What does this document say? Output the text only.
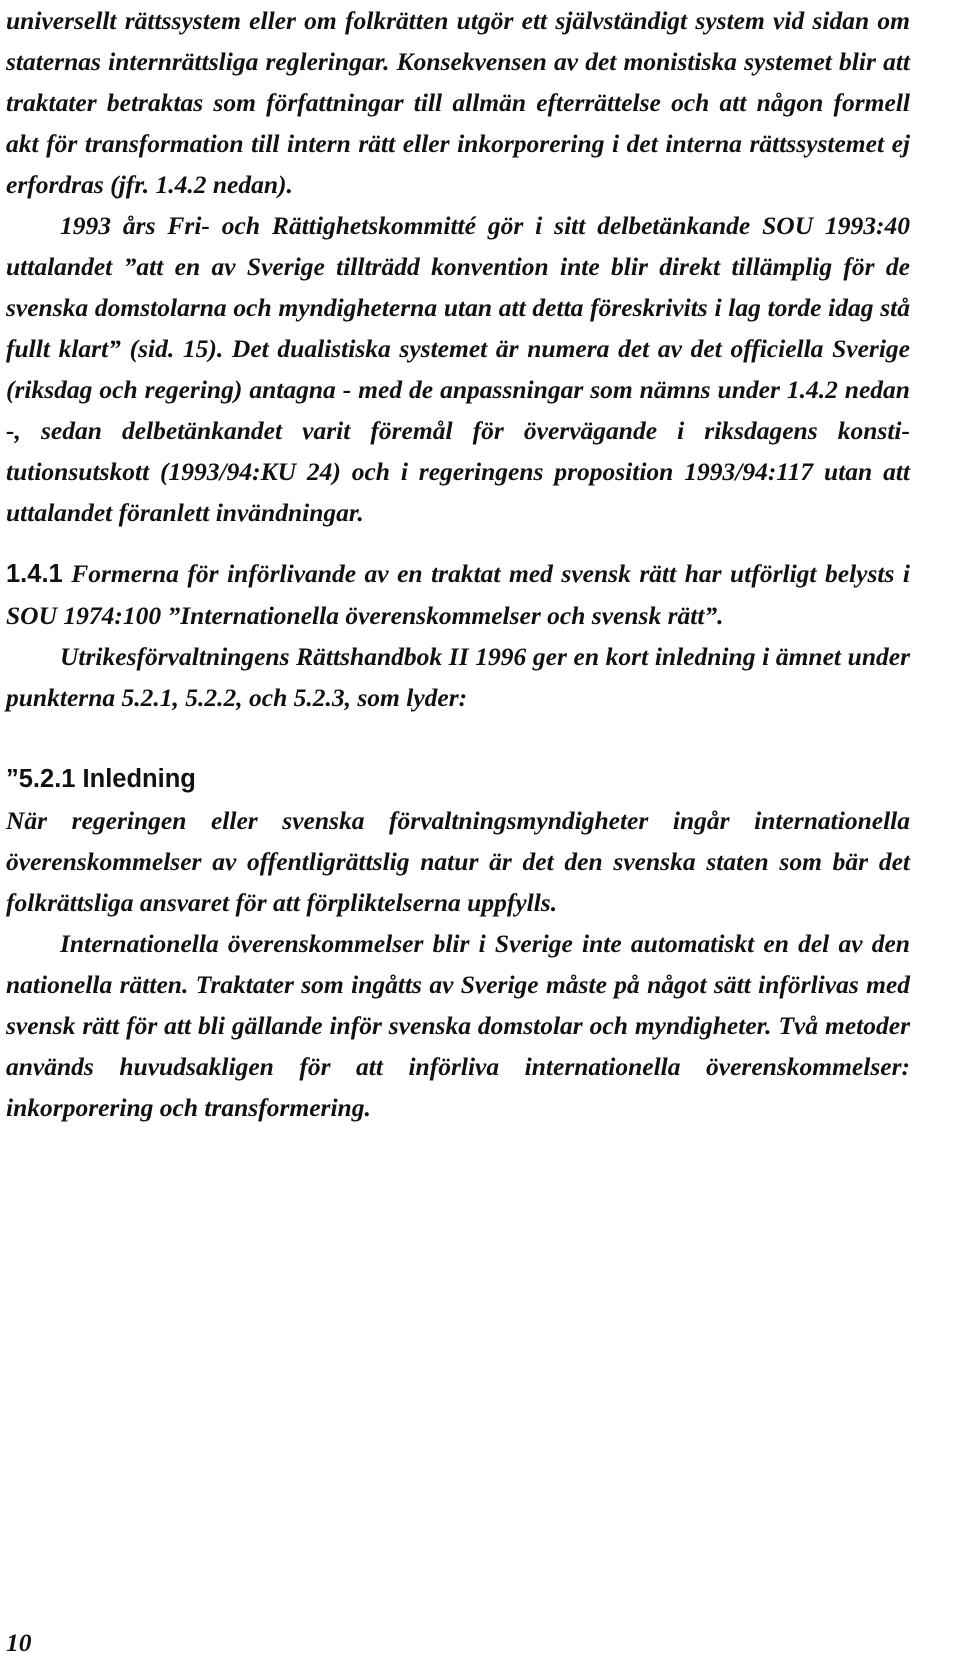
universellt rättssystem eller om folkrätten utgör ett självständigt system vid sidan om staternas internrättsliga regleringar. Konsekvensen av det monistiska systemet blir att traktater betraktas som författningar till allmän efterrättelse och att någon formell akt för transformation till intern rätt eller inkorporering i det interna rättssystemet ej erfordras (jfr. 1.4.2 nedan).

1993 års Fri- och Rättighetskommitté gör i sitt delbetänkande SOU 1993:40 uttalandet ”att en av Sverige tillträdd konvention inte blir direkt tillämplig för de svenska domstolarna och myndigheterna utan att detta föreskrivits i lag torde idag stå fullt klart” (sid. 15). Det dualistiska systemet är numera det av det officiella Sverige (riksdag och regering) antagna - med de anpassningar som nämns under 1.4.2 nedan -, sedan delbetänkandet varit föremål för övervägande i riksdagens konstitutionsutskott (1993/94:KU 24) och i regeringens proposition 1993/94:117 utan att uttalandet föranlett invändningar.

1.4.1 Formerna för införlivande av en traktat med svensk rätt har utförligt belysts i SOU 1974:100 ”Internationella överenskommelser och svensk rätt”.

Utrikesförvaltningens Rättshandbok II 1996 ger en kort inledning i ämnet under punkterna 5.2.1, 5.2.2, och 5.2.3, som lyder:

”5.2.1 Inledning

När regeringen eller svenska förvaltningsmyndigheter ingår internationella överenskommelser av offentligrättslig natur är det den svenska staten som bär det folkrättsliga ansvaret för att förpliktelserna uppfylls.

Internationella överenskommelser blir i Sverige inte automatiskt en del av den nationella rätten. Traktater som ingåtts av Sverige måste på något sätt införlivas med svensk rätt för att bli gällande inför svenska domstolar och myndigheter. Två metoder används huvudsakligen för att införliva internationella överenskommelser: inkorporering och transformering.

10
